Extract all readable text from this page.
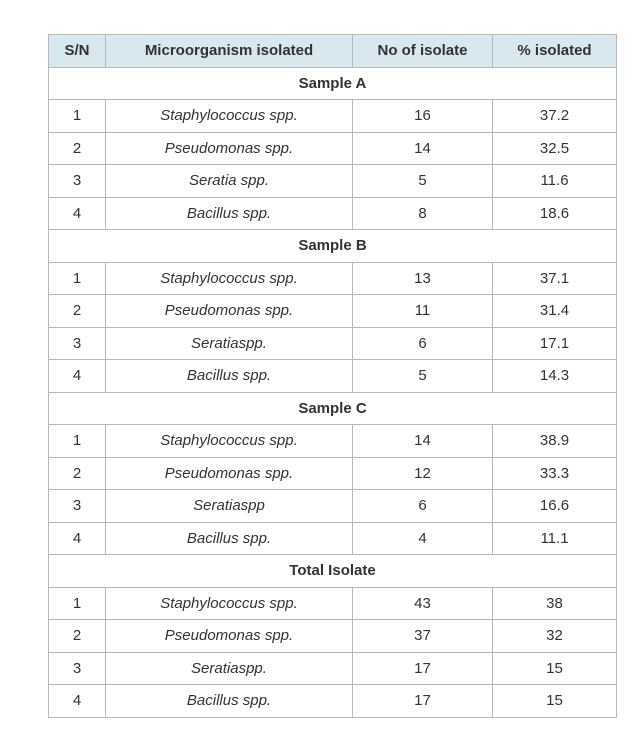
S/N	Microorganism isolated	No of isolate	% isolated
Sample A			
1	Staphylococcus spp.	16	37.2
2	Pseudomonas spp.	14	32.5
3	Seratia spp.	5	11.6
4	Bacillus spp.	8	18.6
Sample B			
1	Staphylococcus spp.	13	37.1
2	Pseudomonas spp.	11	31.4
3	Seratiaspp.	6	17.1
4	Bacillus spp.	5	14.3
Sample C			
1	Staphylococcus spp.	14	38.9
2	Pseudomonas spp.	12	33.3
3	Seratiaspp	6	16.6
4	Bacillus spp.	4	11.1
Total Isolate			
1	Staphylococcus spp.	43	38
2	Pseudomonas spp.	37	32
3	Seratiaspp.	17	15
4	Bacillus spp.	17	15
